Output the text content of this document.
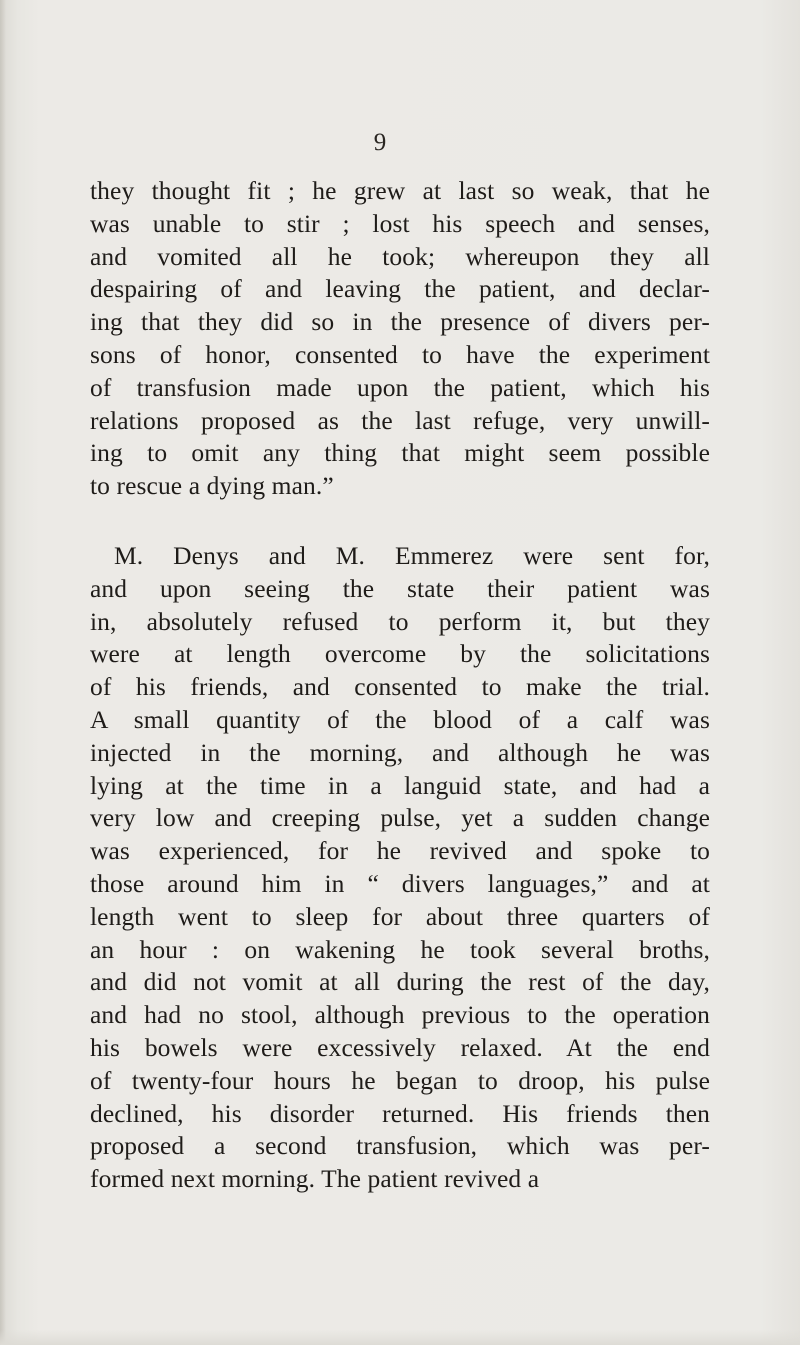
9

they thought fit ; he grew at last so weak, that he
was unable to stir ; lost his speech and senses,
and vomited all he took; whereupon they all
despairing of and leaving the patient, and declar-
ing that they did so in the presence of divers per-
sons of honor, consented to have the experiment
of transfusion made upon the patient, which his
relations proposed as the last refuge, very unwill-
ing to omit any thing that might seem possible
to rescue a dying man.”

M. Denys and M. Emmerez were sent for,
and upon seeing the state their patient was
in, absolutely refused to perform it, but they
were at length overcome by the solicitations
of his friends, and consented to make the trial.
A small quantity of the blood of a calf was
injected in the morning, and although he was
lying at the time in a languid state, and had a
very low and creeping pulse, yet a sudden change
was experienced, for he revived and spoke to
those around him in “ divers languages,” and at
length went to sleep for about three quarters of
an hour : on wakening he took several broths,
and did not vomit at all during the rest of the day,
and had no stool, although previous to the operation
his bowels were excessively relaxed. At the end
of twenty-four hours he began to droop, his pulse
declined, his disorder returned. His friends then
proposed a second transfusion, which was per-
formed next morning. The patient revived a
